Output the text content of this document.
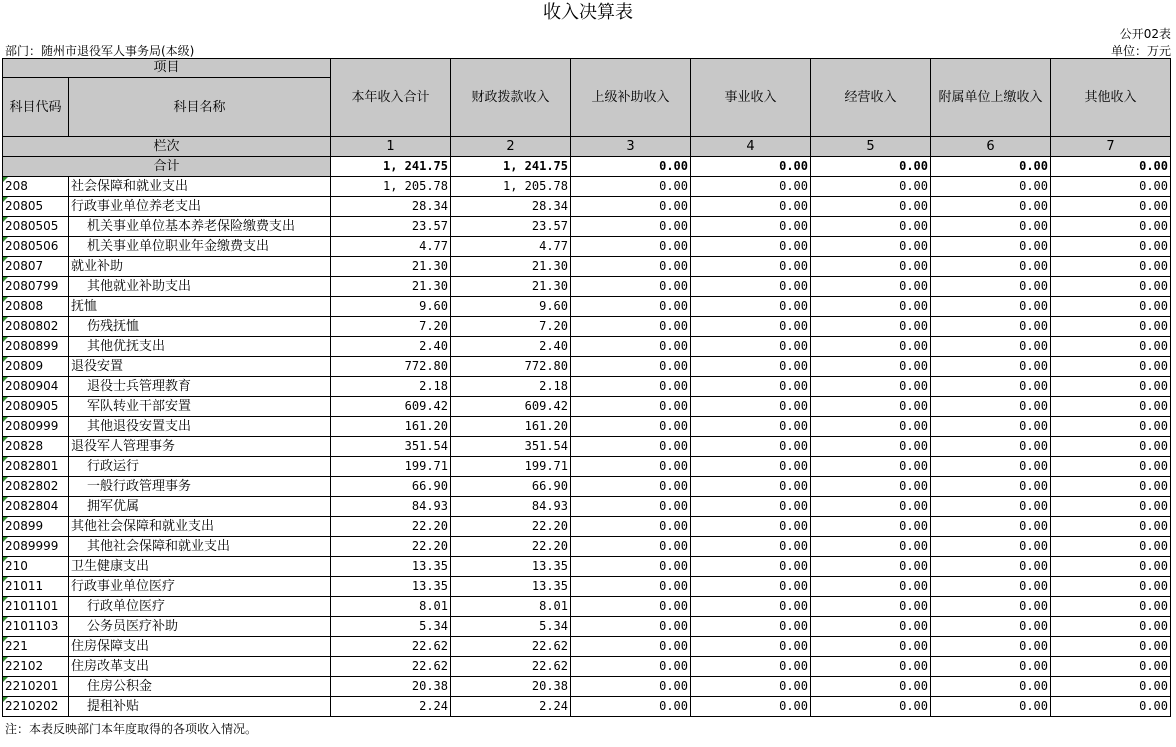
收入决算表
公开02表
部门：随州市退役军人事务局(本级)	单位：万元
项目		本年收入合计	财政拨款收入	上级补助收入	事业收入	经营收入	附属单位上缴收入	其他收入
科目代码	科目名称							

栏次		1	2	3	4	5	6	7
合计		1, 241.75	1, 241.75	0.00	0.00	0.00	0.00	0.00
208	社会保障和就业支出	1, 205.78	1, 205.78	0.00	0.00	0.00	0.00	0.00
20805	行政事业单位养老支出	28.34	28.34	0.00	0.00	0.00	0.00	0.00
2080505	机关事业单位基本养老保险缴费支出	23.57	23.57	0.00	0.00	0.00	0.00	0.00
2080506	机关事业单位职业年金缴费支出	4.77	4.77	0.00	0.00	0.00	0.00	0.00
20807	就业补助	21.30	21.30	0.00	0.00	0.00	0.00	0.00
2080799	其他就业补助支出	21.30	21.30	0.00	0.00	0.00	0.00	0.00
20808	抚恤	9.60	9.60	0.00	0.00	0.00	0.00	0.00
2080802	伤残抚恤	7.20	7.20	0.00	0.00	0.00	0.00	0.00
2080899	其他优抚支出	2.40	2.40	0.00	0.00	0.00	0.00	0.00
20809	退役安置	772.80	772.80	0.00	0.00	0.00	0.00	0.00
2080904	退役士兵管理教育	2.18	2.18	0.00	0.00	0.00	0.00	0.00
2080905	军队转业干部安置	609.42	609.42	0.00	0.00	0.00	0.00	0.00
2080999	其他退役安置支出	161.20	161.20	0.00	0.00	0.00	0.00	0.00
20828	退役军人管理事务	351.54	351.54	0.00	0.00	0.00	0.00	0.00
2082801	行政运行	199.71	199.71	0.00	0.00	0.00	0.00	0.00
2082802	一般行政管理事务	66.90	66.90	0.00	0.00	0.00	0.00	0.00
2082804	拥军优属	84.93	84.93	0.00	0.00	0.00	0.00	0.00
20899	其他社会保障和就业支出	22.20	22.20	0.00	0.00	0.00	0.00	0.00
2089999	其他社会保障和就业支出	22.20	22.20	0.00	0.00	0.00	0.00	0.00
210	卫生健康支出	13.35	13.35	0.00	0.00	0.00	0.00	0.00
21011	行政事业单位医疗	13.35	13.35	0.00	0.00	0.00	0.00	0.00
2101101	行政单位医疗	8.01	8.01	0.00	0.00	0.00	0.00	0.00
2101103	公务员医疗补助	5.34	5.34	0.00	0.00	0.00	0.00	0.00
221	住房保障支出	22.62	22.62	0.00	0.00	0.00	0.00	0.00
22102	住房改革支出	22.62	22.62	0.00	0.00	0.00	0.00	0.00
2210201	住房公积金	20.38	20.38	0.00	0.00	0.00	0.00	0.00
2210202	提租补贴	2.24	2.24	0.00	0.00	0.00	0.00	0.00
注：本表反映部门本年度取得的各项收入情况。
